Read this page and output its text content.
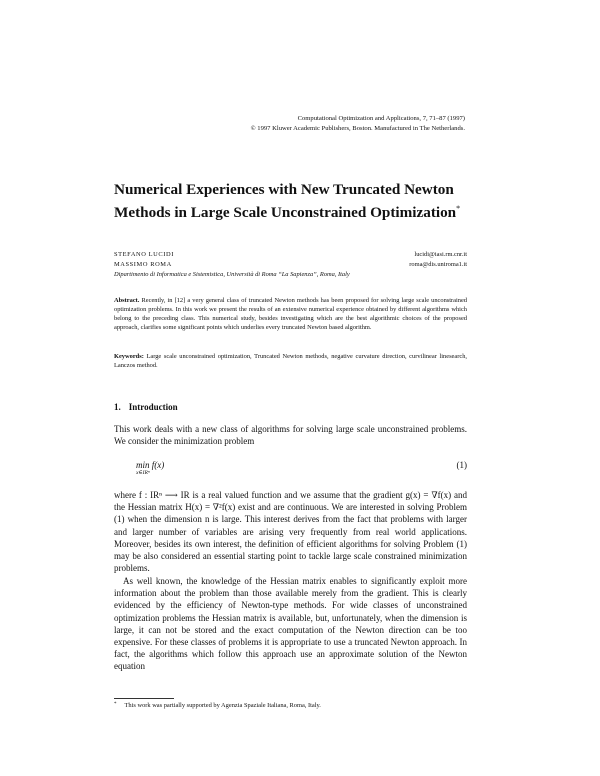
Computational Optimization and Applications, 7, 71–87 (1997)
© 1997 Kluwer Academic Publishers, Boston. Manufactured in The Netherlands.
Numerical Experiences with New Truncated Newton Methods in Large Scale Unconstrained Optimization*
STEFANO LUCIDI	lucidi@iasi.rm.cnr.it
MASSIMO ROMA	roma@dis.uniroma1.it
Dipartimento di Informatica e Sistemistica, Università di Roma “La Sapienza”, Roma, Italy
Abstract. Recently, in [12] a very general class of truncated Newton methods has been proposed for solving large scale unconstrained optimization problems. In this work we present the results of an extensive numerical experience obtained by different algorithms which belong to the preceding class. This numerical study, besides investigating which are the best algorithmic choices of the proposed approach, clarifies some significant points which underlies every truncated Newton based algorithm.
Keywords: Large scale unconstrained optimization, Truncated Newton methods, negative curvature direction, curvilinear linesearch, Lanczos method.
1. Introduction
This work deals with a new class of algorithms for solving large scale unconstrained problems. We consider the minimization problem
min f(x)
x∈IRⁿ
(1)
where f : IRⁿ ⟶ IR is a real valued function and we assume that the gradient g(x) = ∇f(x) and the Hessian matrix H(x) = ∇²f(x) exist and are continuous. We are interested in solving Problem (1) when the dimension n is large. This interest derives from the fact that problems with larger and larger number of variables are arising very frequently from real world applications. Moreover, besides its own interest, the definition of efficient algorithms for solving Problem (1) may be also considered an essential starting point to tackle large scale constrained minimization problems.
As well known, the knowledge of the Hessian matrix enables to significantly exploit more information about the problem than those available merely from the gradient. This is clearly evidenced by the efficiency of Newton-type methods. For wide classes of unconstrained optimization problems the Hessian matrix is available, but, unfortunately, when the dimension is large, it can not be stored and the exact computation of the Newton direction can be too expensive. For these classes of problems it is appropriate to use a truncated Newton approach. In fact, the algorithms which follow this approach use an approximate solution of the Newton equation
* This work was partially supported by Agenzia Spaziale Italiana, Roma, Italy.
